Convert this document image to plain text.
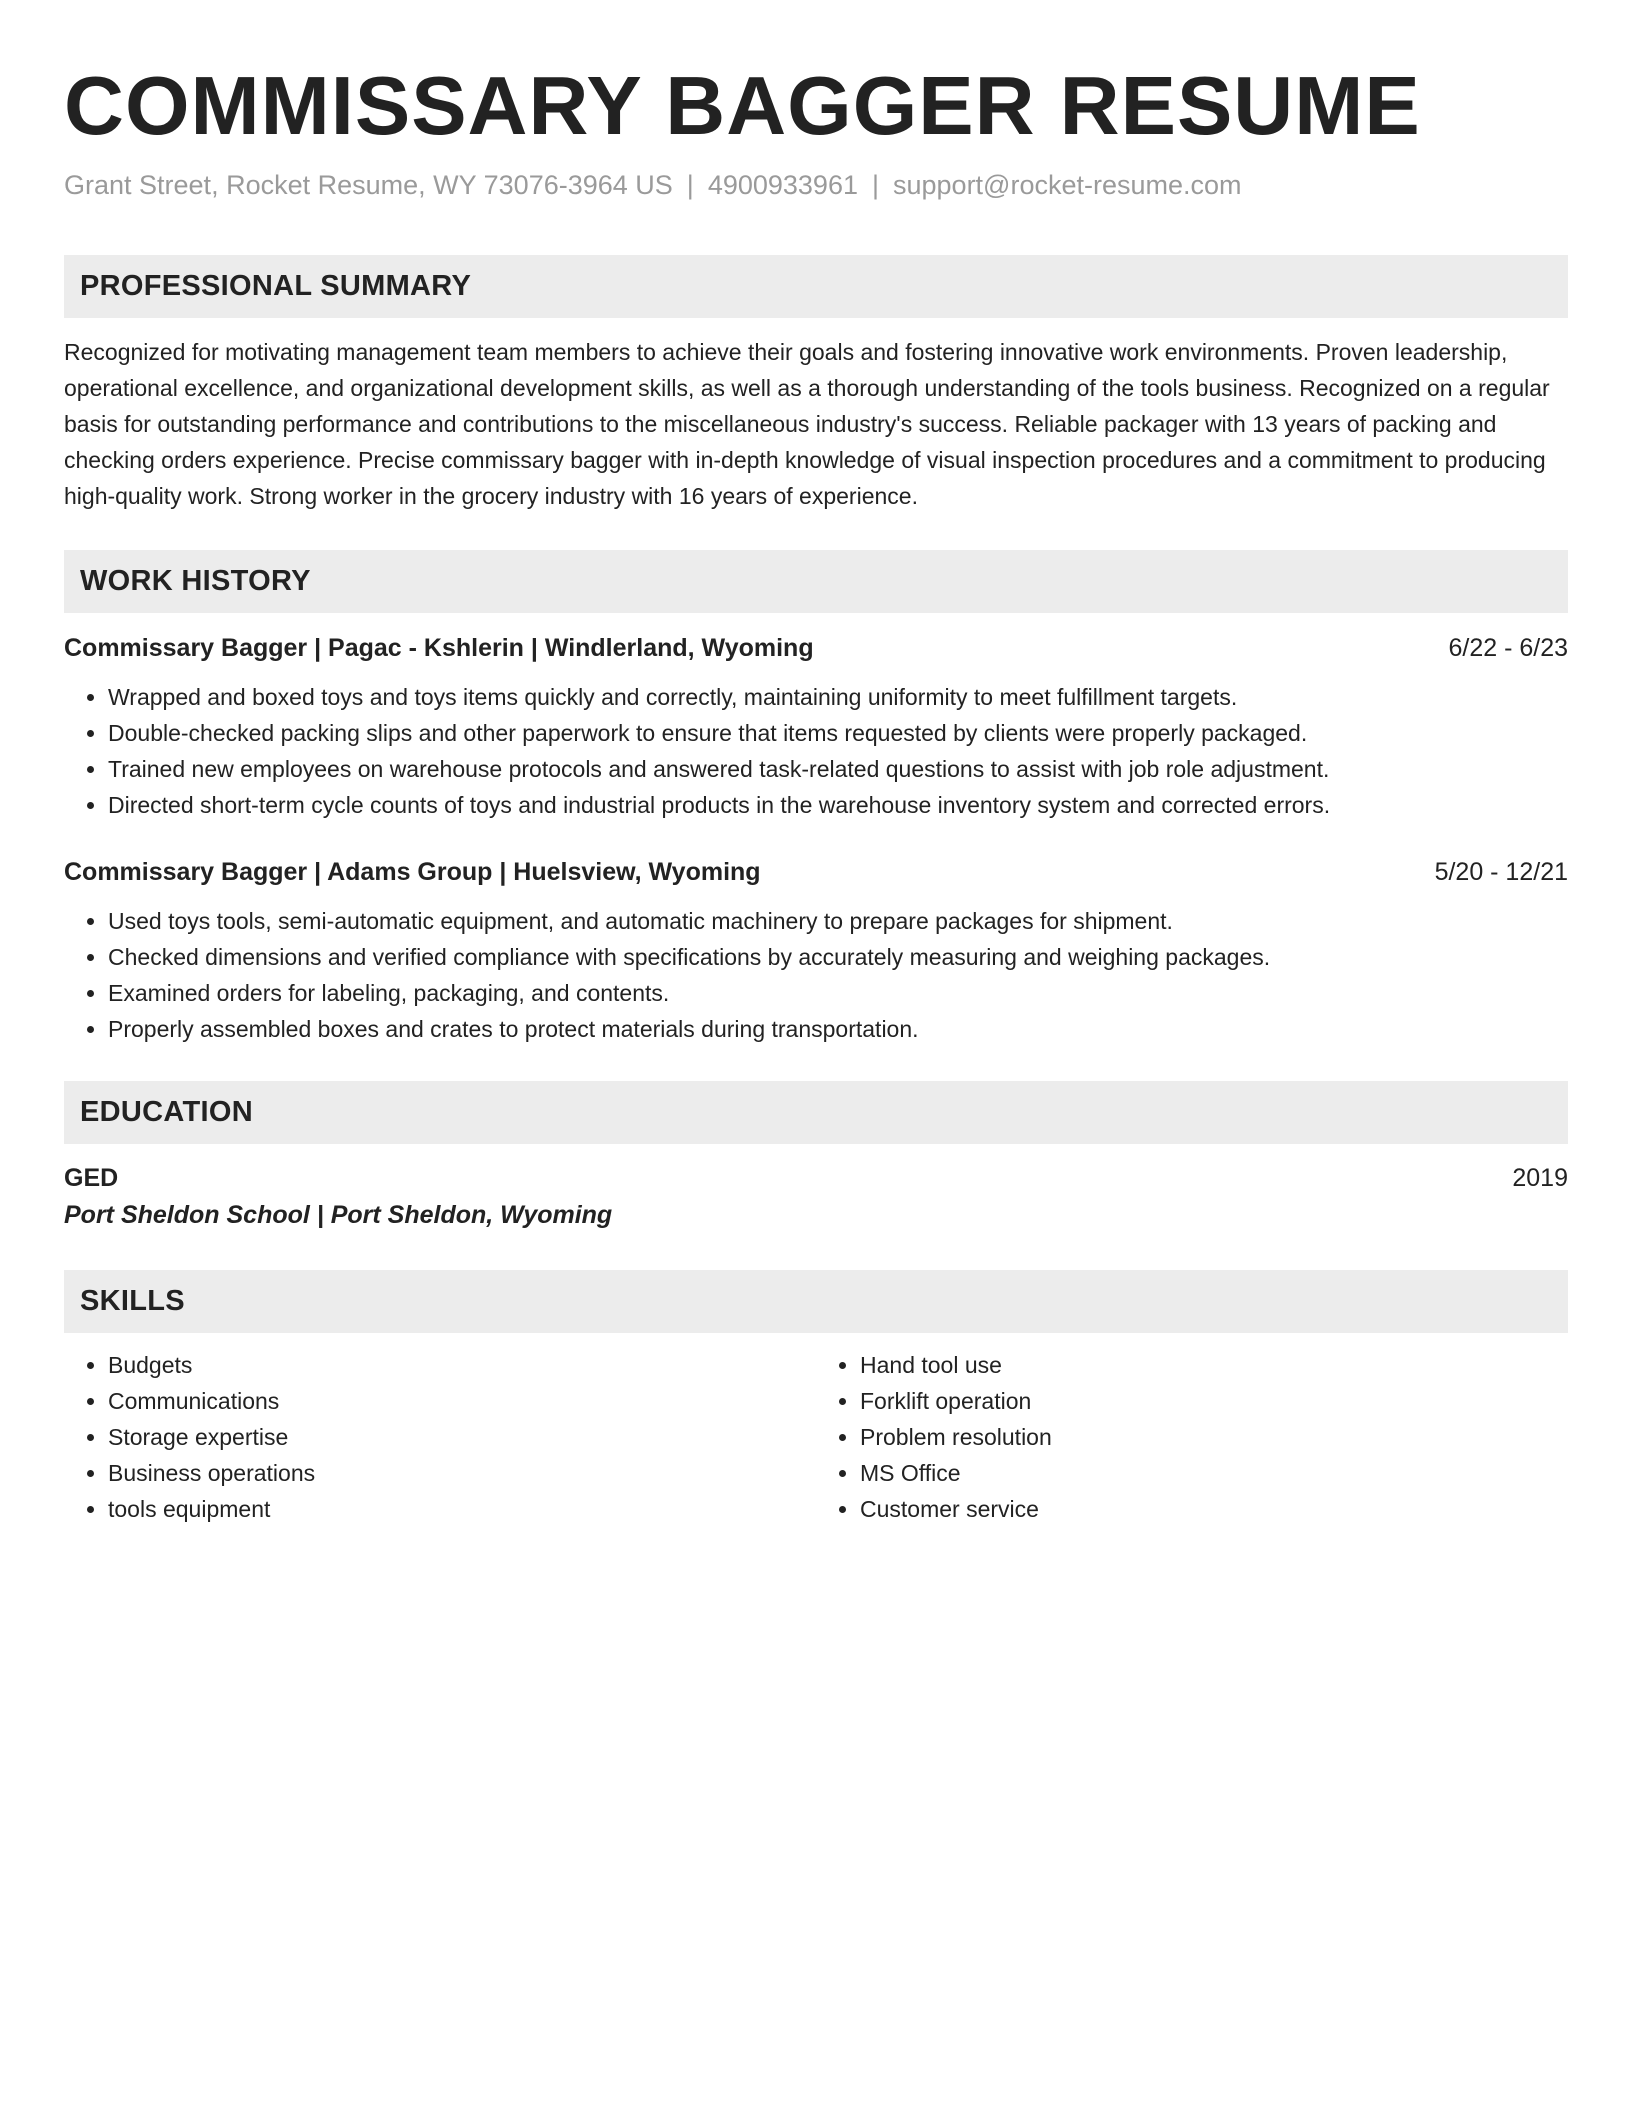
COMMISSARY BAGGER RESUME
Grant Street, Rocket Resume, WY 73076-3964 US | 4900933961 | support@rocket-resume.com
PROFESSIONAL SUMMARY
Recognized for motivating management team members to achieve their goals and fostering innovative work environments. Proven leadership, operational excellence, and organizational development skills, as well as a thorough understanding of the tools business. Recognized on a regular basis for outstanding performance and contributions to the miscellaneous industry's success. Reliable packager with 13 years of packing and checking orders experience. Precise commissary bagger with in-depth knowledge of visual inspection procedures and a commitment to producing high-quality work. Strong worker in the grocery industry with 16 years of experience.
WORK HISTORY
Commissary Bagger | Pagac - Kshlerin | Windlerland, Wyoming	6/22 - 6/23
• Wrapped and boxed toys and toys items quickly and correctly, maintaining uniformity to meet fulfillment targets.
• Double-checked packing slips and other paperwork to ensure that items requested by clients were properly packaged.
• Trained new employees on warehouse protocols and answered task-related questions to assist with job role adjustment.
• Directed short-term cycle counts of toys and industrial products in the warehouse inventory system and corrected errors.
Commissary Bagger | Adams Group | Huelsview, Wyoming	5/20 - 12/21
• Used toys tools, semi-automatic equipment, and automatic machinery to prepare packages for shipment.
• Checked dimensions and verified compliance with specifications by accurately measuring and weighing packages.
• Examined orders for labeling, packaging, and contents.
• Properly assembled boxes and crates to protect materials during transportation.
EDUCATION
GED	2019
Port Sheldon School | Port Sheldon, Wyoming
SKILLS
• Budgets
• Communications
• Storage expertise
• Business operations
• tools equipment
• Hand tool use
• Forklift operation
• Problem resolution
• MS Office
• Customer service
